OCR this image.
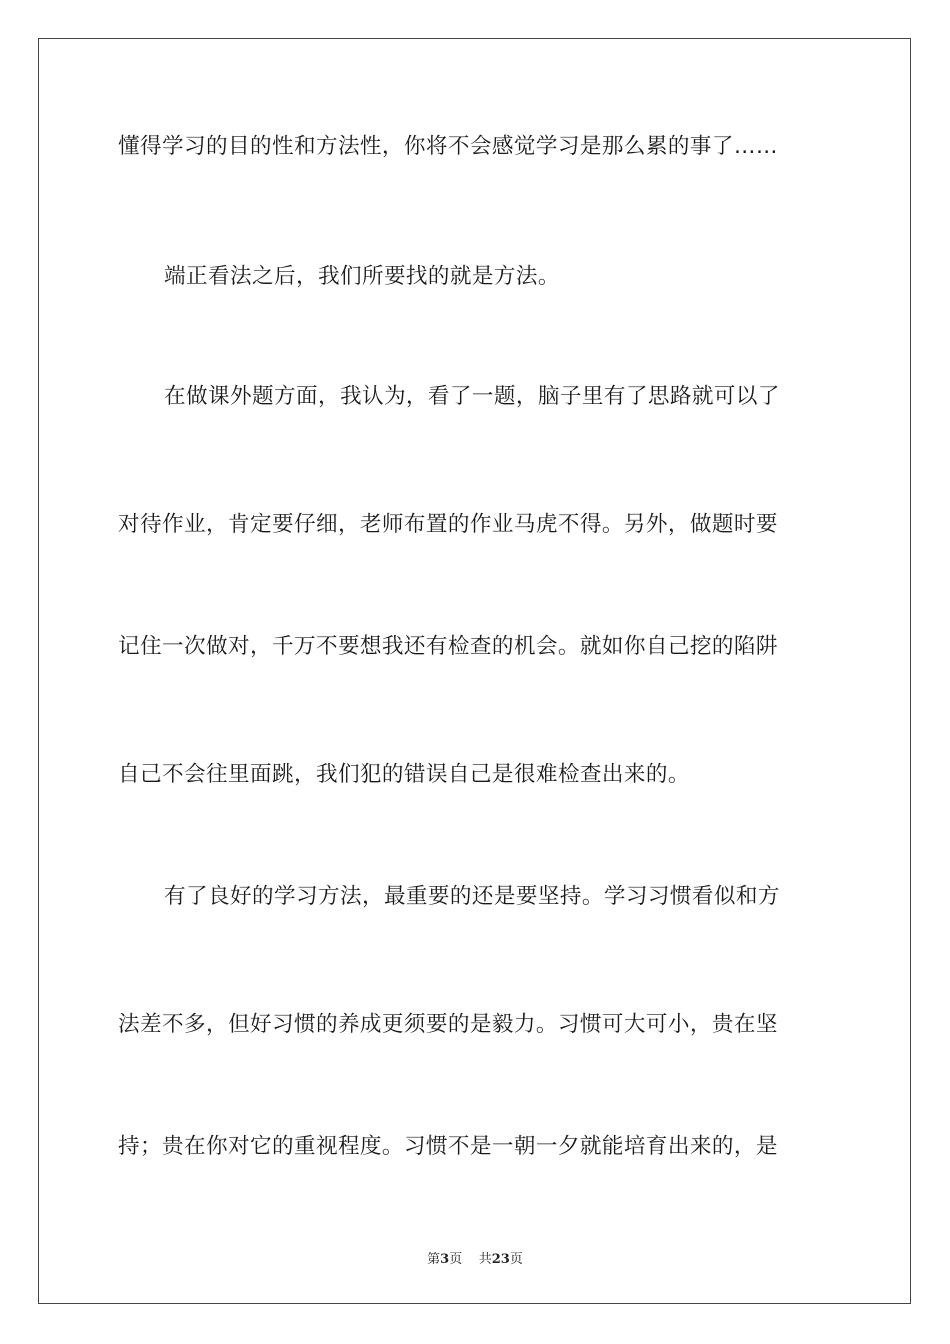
懂得学习的目的性和方法性，你将不会感觉学习是那么累的事了……
端正看法之后，我们所要找的就是方法。
在做课外题方面，我认为，看了一题，脑子里有了思路就可以了
对待作业，肯定要仔细，老师布置的作业马虎不得。另外，做题时要
记住一次做对，千万不要想我还有检查的机会。就如你自己挖的陷阱
自己不会往里面跳，我们犯的错误自己是很难检查出来的。
有了良好的学习方法，最重要的还是要坚持。学习习惯看似和方
法差不多，但好习惯的养成更须要的是毅力。习惯可大可小，贵在坚
持；贵在你对它的重视程度。习惯不是一朝一夕就能培育出来的，是
第3页 共23页
